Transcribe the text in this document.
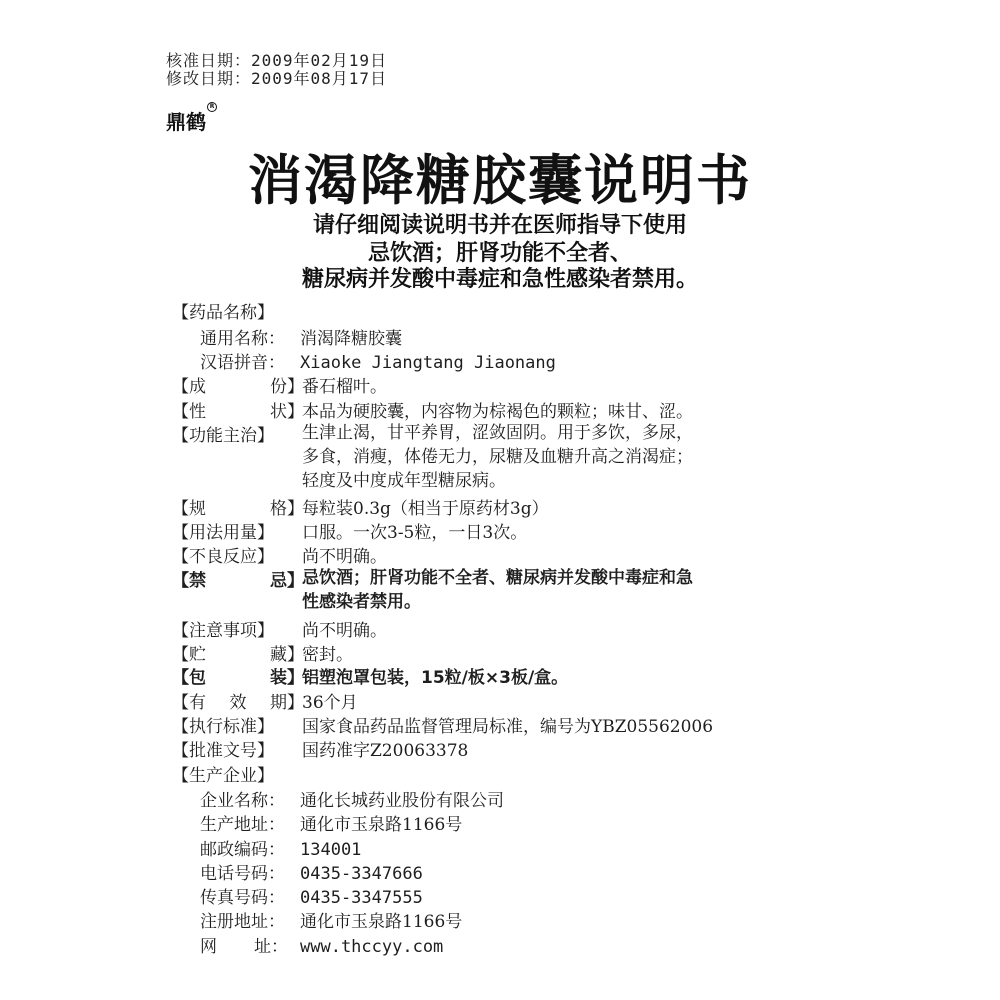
核准日期：2009年02月19日
修改日期：2009年08月17日
鼎鹤
R
消渴降糖胶囊说明书
请仔细阅读说明书并在医师指导下使用
忌饮酒；肝肾功能不全者、
糖尿病并发酸中毒症和急性感染者禁用。
【药品名称】
通用名称： 消渴降糖胶囊
汉语拼音： Xiaoke Jiangtang Jiaonang
【成	份】
番石榴叶。
【性	状】
本品为硬胶囊，内容物为棕褐色的颗粒；味甘、涩。
【功能主治】 生津止渴，甘平养胃，涩敛固阴。用于多饮，多尿，
多食，消瘦，体倦无力，尿糖及血糖升高之消渴症；
轻度及中度成年型糖尿病。
【规	格】
每粒装0.3g（相当于原药材3g）
【用法用量】 口服。一次3-5粒，一日3次。
【不良反应】 尚不明确。
【禁	忌】
忌饮酒；肝肾功能不全者、糖尿病并发酸中毒症和急
性感染者禁用。
【注意事项】 尚不明确。
【贮	藏】
密封。
【包	装】
铝塑泡罩包装，15粒/板×3板/盒。
【有 效 期】
36个月
【执行标准】 国家食品药品监督管理局标准，编号为YBZ05562006
【批准文号】 国药准字Z20063378
【生产企业】
企业名称： 通化长城药业股份有限公司
生产地址： 通化市玉泉路1166号
邮政编码： 134001
电话号码： 0435-3347666
传真号码： 0435-3347555
注册地址： 通化市玉泉路1166号
网 址： www.thccyy.com
